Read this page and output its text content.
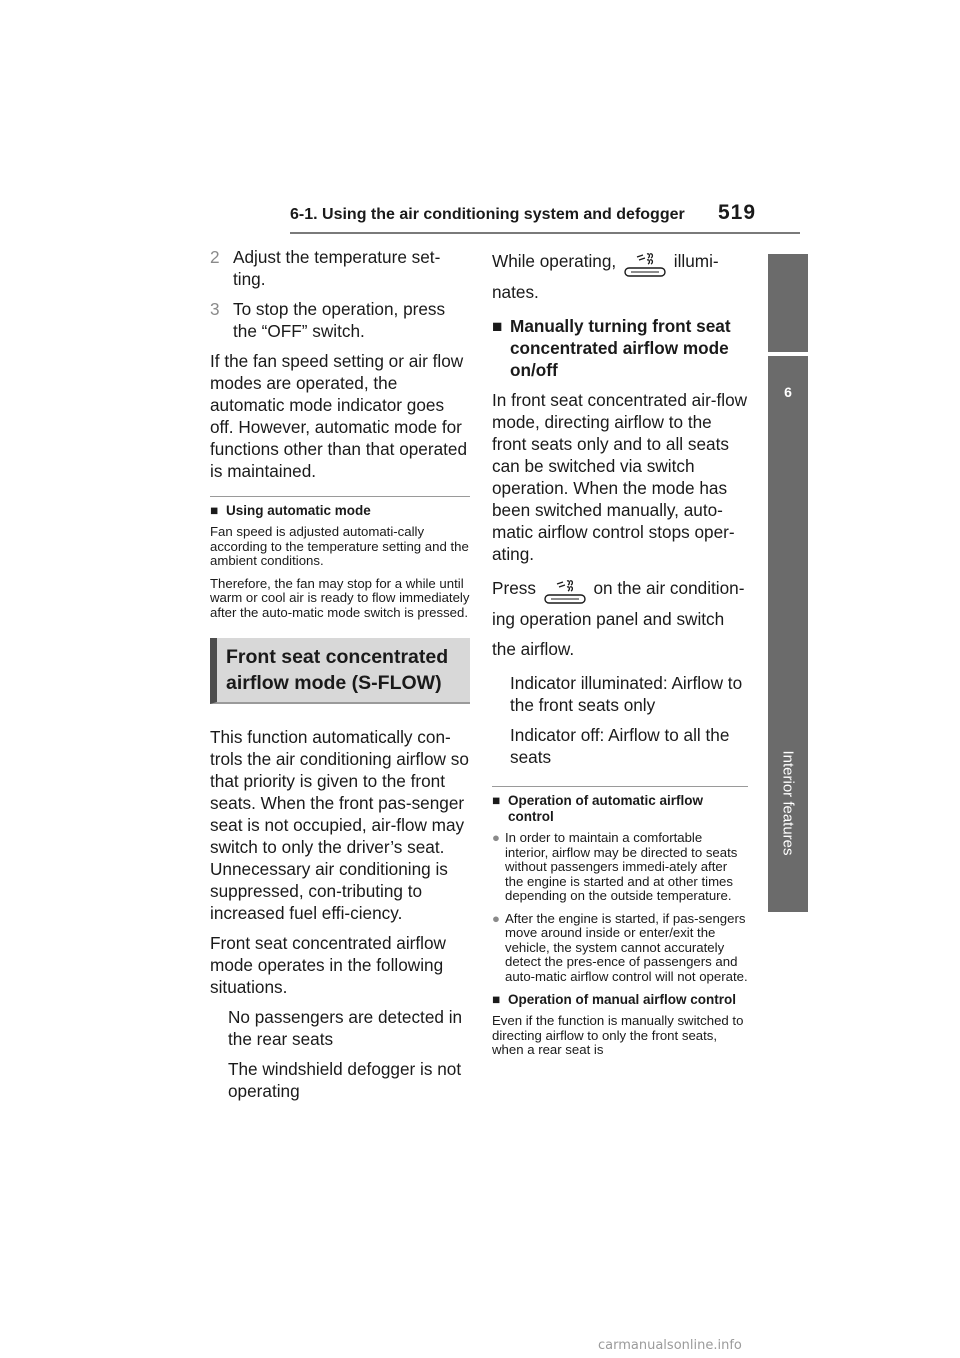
6-1. Using the air conditioning system and defogger 519
6
Interior features
2 Adjust the temperature set-ting.
3 To stop the operation, press the “OFF” switch.

If the fan speed setting or air flow modes are operated, the automatic mode indicator goes off. However, automatic mode for functions other than that operated is maintained.

■ Using automatic mode

Fan speed is adjusted automati-cally according to the temperature setting and the ambient conditions.

Therefore, the fan may stop for a while until warm or cool air is ready to flow immediately after the auto-matic mode switch is pressed.

Front seat concentrated airflow mode (S-FLOW)

This function automatically con-trols the air conditioning airflow so that priority is given to the front seats. When the front pas-senger seat is not occupied, air-flow may switch to only the driver’s seat. Unnecessary air conditioning is suppressed, con-tributing to increased fuel effi-ciency.

Front seat concentrated airflow mode operates in the following situations.

No passengers are detected in the rear seats
The windshield defogger is not operating

While operating,	illumi-nates.

■ Manually turning front seat concentrated airflow mode on/off

In front seat concentrated air-flow mode, directing airflow to the front seats only and to all seats can be switched via switch operation. When the mode has been switched manually, auto-matic airflow control stops oper-ating.

Press	on the air condition-ing operation panel and switch the airflow.

Indicator illuminated: Airflow to the front seats only
Indicator off: Airflow to all the seats
■ Operation of automatic airflow control
● In order to maintain a comfortable interior, airflow may be directed to seats without passengers immedi-ately after the engine is started and at other times depending on the outside temperature.
● After the engine is started, if pas-sengers move around inside or enter/exit the vehicle, the system cannot accurately detect the pres-ence of passengers and auto-matic airflow control will not operate.
■ Operation of manual airflow control

Even if the function is manually switched to directing airflow to only the front seats, when a rear seat is

carmanualsonline.info
